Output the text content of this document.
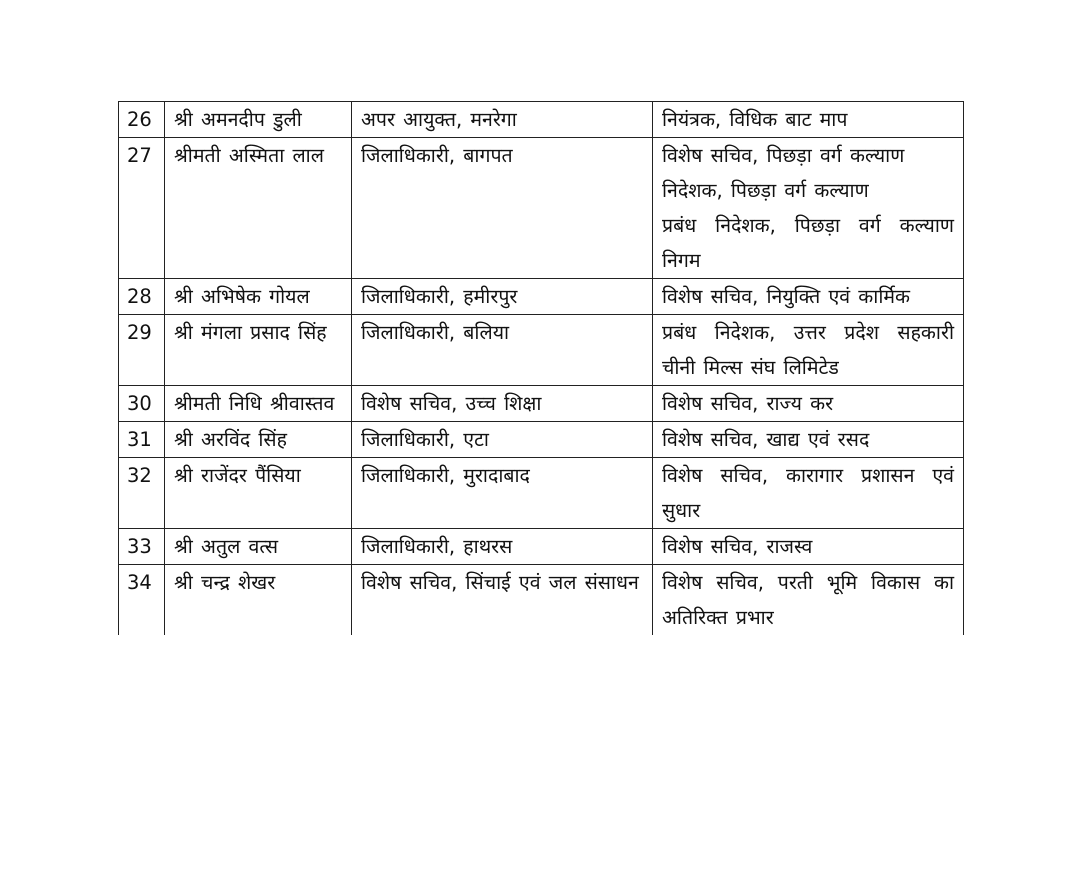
26	श्री अमनदीप डुली	अपर आयुक्त, मनरेगा	नियंत्रक, विधिक बाट माप

27	श्रीमती अस्मिता लाल	जिलाधिकारी, बागपत	विशेष सचिव, पिछड़ा वर्ग कल्याण
निदेशक, पिछड़ा वर्ग कल्याण
प्रबंध निदेशक, पिछड़ा वर्ग कल्याण निगम

28	श्री अभिषेक गोयल	जिलाधिकारी, हमीरपुर	विशेष सचिव, नियुक्ति एवं कार्मिक

29	श्री मंगला प्रसाद सिंह	जिलाधिकारी, बलिया	प्रबंध निदेशक, उत्तर प्रदेश सहकारी चीनी मिल्स संघ लिमिटेड

30	श्रीमती निधि श्रीवास्तव	विशेष सचिव, उच्च शिक्षा	विशेष सचिव, राज्य कर

31	श्री अरविंद सिंह	जिलाधिकारी, एटा	विशेष सचिव, खाद्य एवं रसद

32	श्री राजेंदर पैंसिया	जिलाधिकारी, मुरादाबाद	विशेष सचिव, कारागार प्रशासन एवं सुधार

33	श्री अतुल वत्स	जिलाधिकारी, हाथरस	विशेष सचिव, राजस्व

34	श्री चन्द्र शेखर	विशेष सचिव, सिंचाई एवं जल संसाधन	विशेष सचिव, परती भूमि विकास का अतिरिक्त प्रभार
